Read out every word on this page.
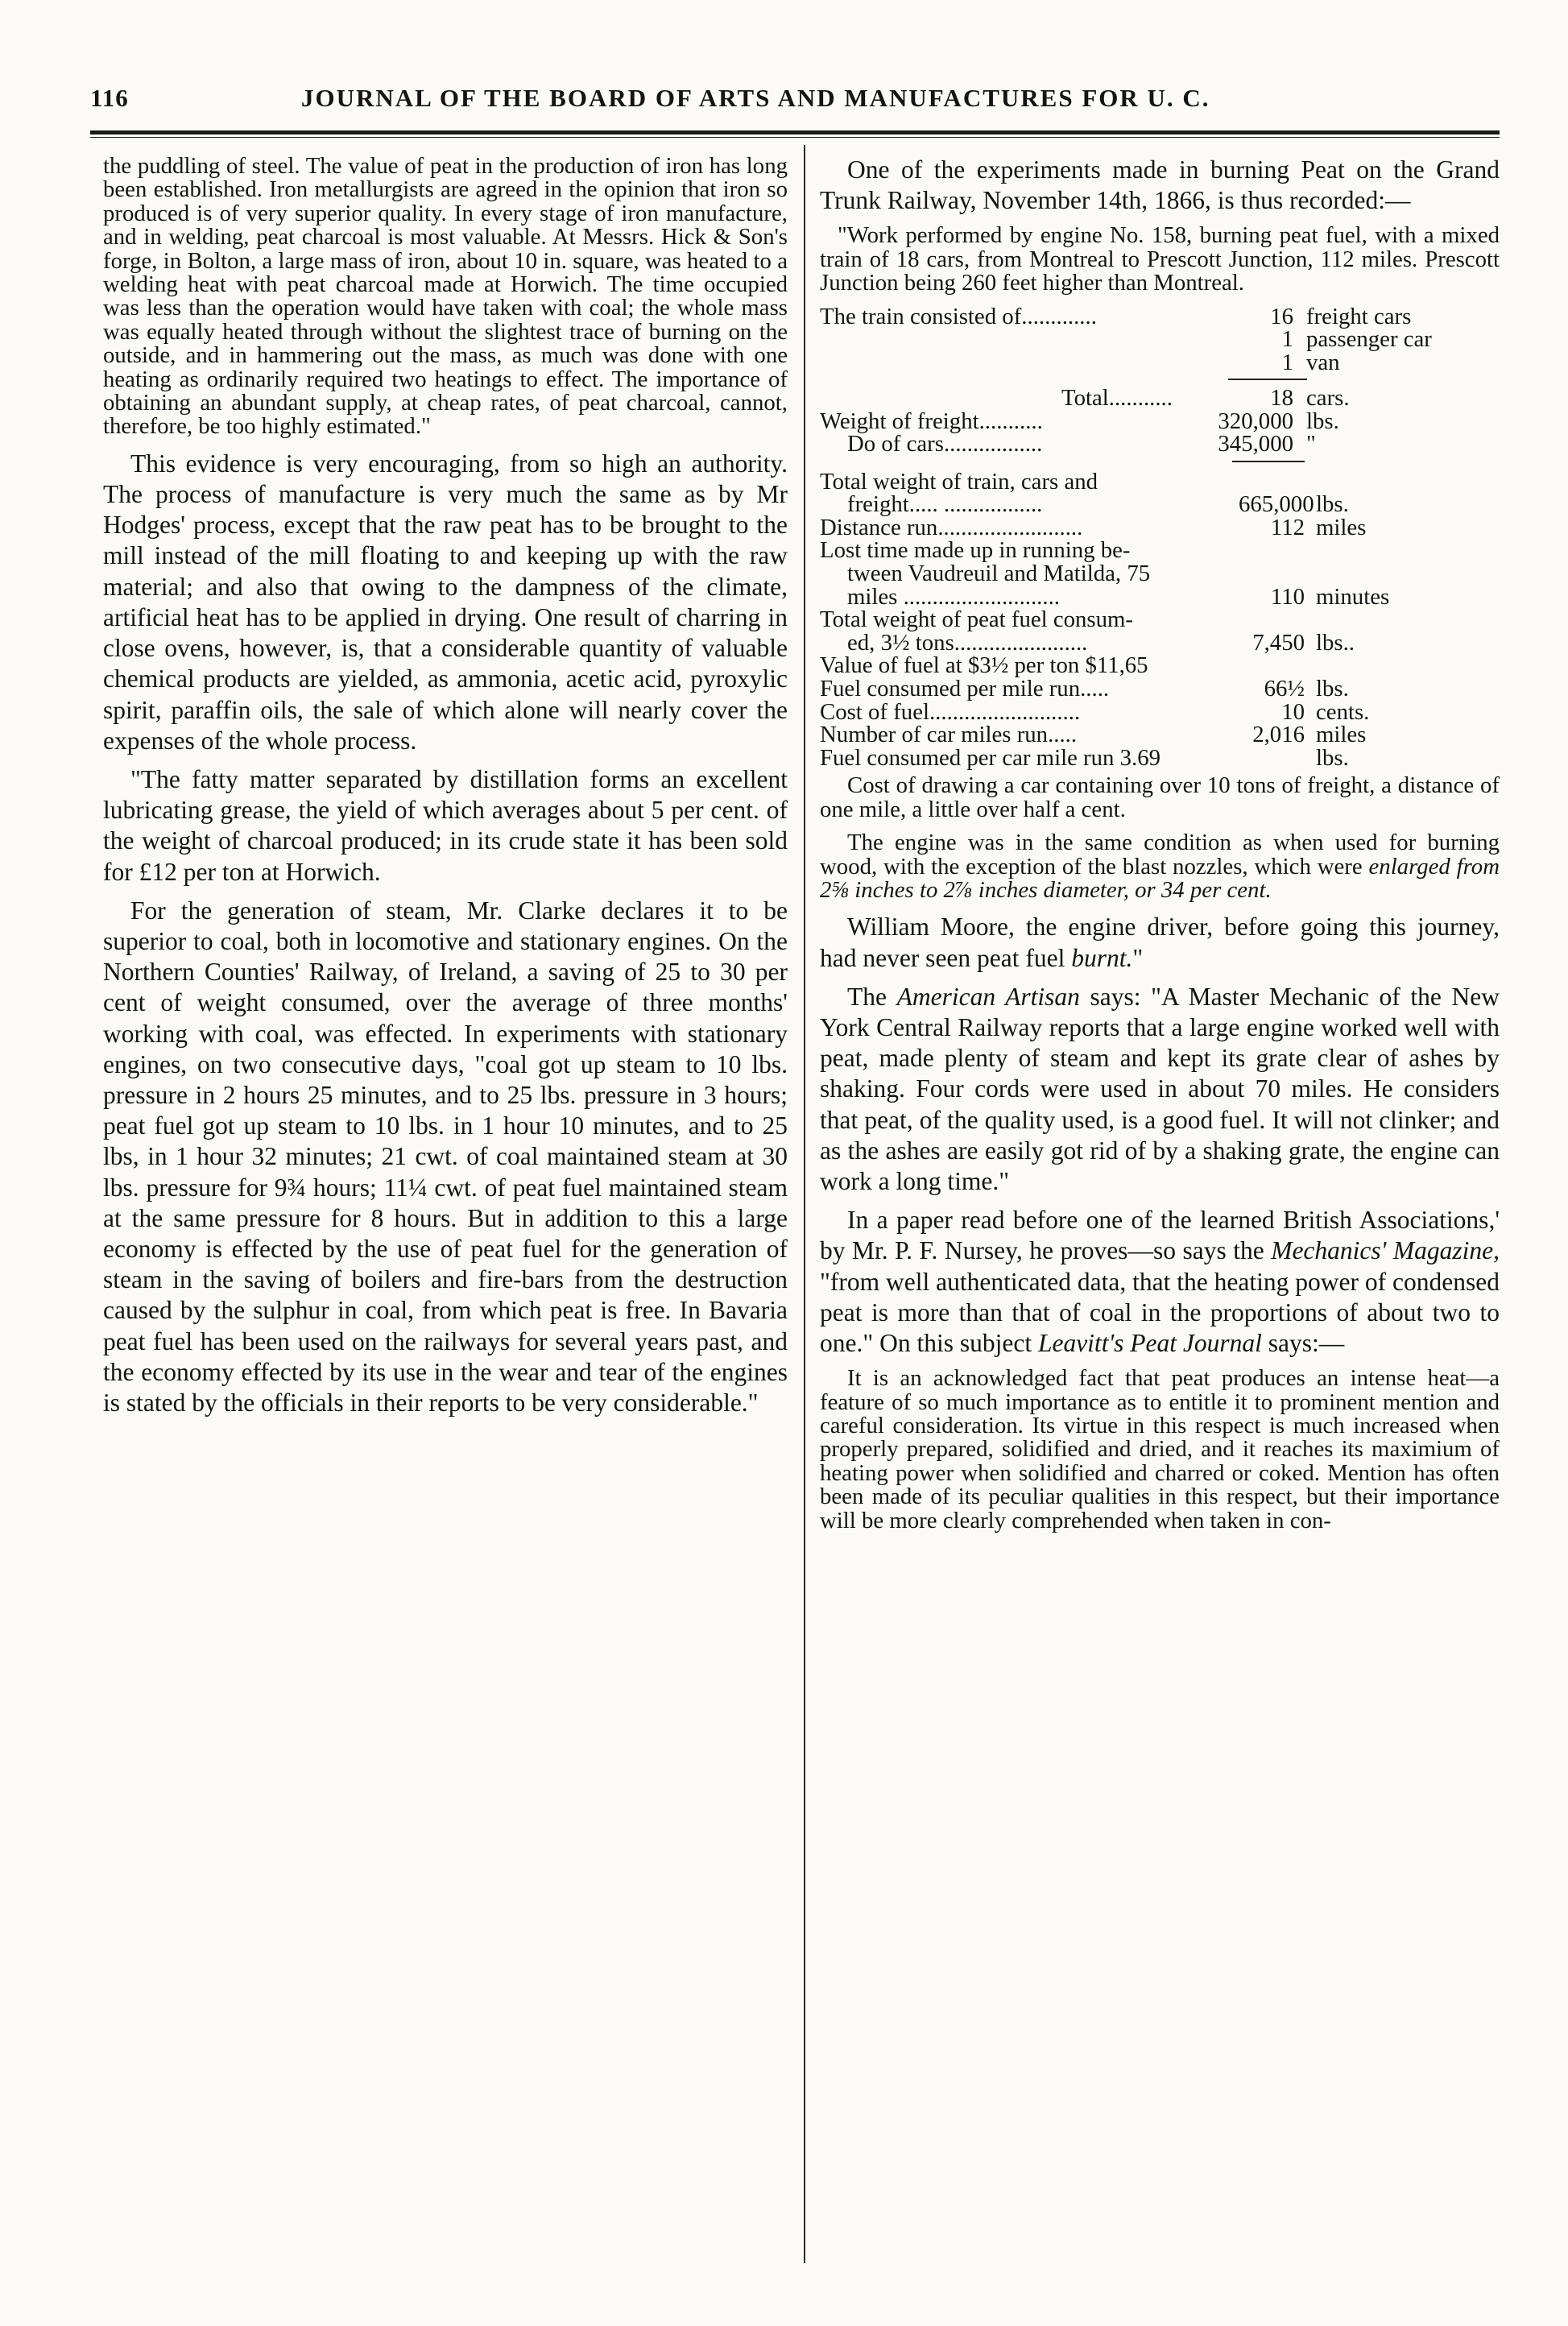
116	JOURNAL OF THE BOARD OF ARTS AND MANUFACTURES FOR U. C.

the puddling of steel. The value of peat in the production of iron has long been established. Iron metallurgists are agreed in the opinion that iron so produced is of very superior quality. In every stage of iron manufacture, and in welding, peat charcoal is most valuable. At Messrs. Hick & Son's forge, in Bolton, a large mass of iron, about 10 in. square, was heated to a welding heat with peat charcoal made at Horwich. The time occupied was less than the operation would have taken with coal; the whole mass was equally heated through without the slightest trace of burning on the outside, and in hammering out the mass, as much was done with one heating as ordinarily required two heatings to effect. The importance of obtaining an abundant supply, at cheap rates, of peat charcoal, cannot, therefore, be too highly estimated."

This evidence is very encouraging, from so high an authority. The process of manufacture is very much the same as by Mr Hodges' process, except that the raw peat has to be brought to the mill instead of the mill floating to and keeping up with the raw material; and also that owing to the dampness of the climate, artificial heat has to be applied in drying. One result of charring in close ovens, however, is, that a considerable quantity of valuable chemical products are yielded, as ammonia, acetic acid, pyroxylic spirit, paraffin oils, the sale of which alone will nearly cover the expenses of the whole process.

"The fatty matter separated by distillation forms an excellent lubricating grease, the yield of which averages about 5 per cent. of the weight of charcoal produced; in its crude state it has been sold for £12 per ton at Horwich.

For the generation of steam, Mr. Clarke declares it to be superior to coal, both in locomotive and stationary engines. On the Northern Counties' Railway, of Ireland, a saving of 25 to 30 per cent of weight consumed, over the average of three months' working with coal, was effected. In experiments with stationary engines, on two consecutive days, "coal got up steam to 10 lbs. pressure in 2 hours 25 minutes, and to 25 lbs. pressure in 3 hours; peat fuel got up steam to 10 lbs. in 1 hour 10 minutes, and to 25 lbs, in 1 hour 32 minutes; 21 cwt. of coal maintained steam at 30 lbs. pressure for 9¾ hours; 11¼ cwt. of peat fuel maintained steam at the same pressure for 8 hours. But in addition to this a large economy is effected by the use of peat fuel for the generation of steam in the saving of boilers and fire-bars from the destruction caused by the sulphur in coal, from which peat is free. In Bavaria peat fuel has been used on the railways for several years past, and the economy effected by its use in the wear and tear of the engines is stated by the officials in their reports to be very considerable."

One of the experiments made in burning Peat on the Grand Trunk Railway, November 14th, 1866, is thus recorded:—

"Work performed by engine No. 158, burning peat fuel, with a mixed train of 18 cars, from Montreal to Prescott Junction, 112 miles. Prescott Junction being 260 feet higher than Montreal.

The train consisted of.............	16 freight cars
1 passenger car
1 van
Total...........	18 cars.
Weight of freight...........	320,000 lbs.
Do of cars.................	345,000 "
Total weight of train, cars and
freight..... .................	665,000 lbs.
Distance run.........................	112 miles
Lost time made up in running be-
tween Vaudreuil and Matilda, 75
miles ...........................	110 minutes
Total weight of peat fuel consum-
ed, 3½ tons.......................	7,450 lbs..
Value of fuel at $3½ per ton $11,65
Fuel consumed per mile run.....	66½ lbs.
Cost of fuel..........................	10 cents.
Number of car miles run.....	2,016 miles
Fuel consumed per car mile run 3.69	lbs.

Cost of drawing a car containing over 10 tons of freight, a distance of one mile, a little over half a cent.

The engine was in the same condition as when used for burning wood, with the exception of the blast nozzles, which were enlarged from 2⅝ inches to 2⅞ inches diameter, or 34 per cent.

William Moore, the engine driver, before going this journey, had never seen peat fuel burnt."

The American Artisan says: "A Master Mechanic of the New York Central Railway reports that a large engine worked well with peat, made plenty of steam and kept its grate clear of ashes by shaking. Four cords were used in about 70 miles. He considers that peat, of the quality used, is a good fuel. It will not clinker; and as the ashes are easily got rid of by a shaking grate, the engine can work a long time."

In a paper read before one of the learned British Associations,' by Mr. P. F. Nursey, he proves—so says the Mechanics' Magazine, "from well authenticated data, that the heating power of condensed peat is more than that of coal in the proportions of about two to one." On this subject Leavitt's Peat Journal says:—

It is an acknowledged fact that peat produces an intense heat—a feature of so much importance as to entitle it to prominent mention and careful consideration. Its virtue in this respect is much increased when properly prepared, solidified and dried, and it reaches its maximium of heating power when solidified and charred or coked. Mention has often been made of its peculiar qualities in this respect, but their importance will be more clearly comprehended when taken in con-
